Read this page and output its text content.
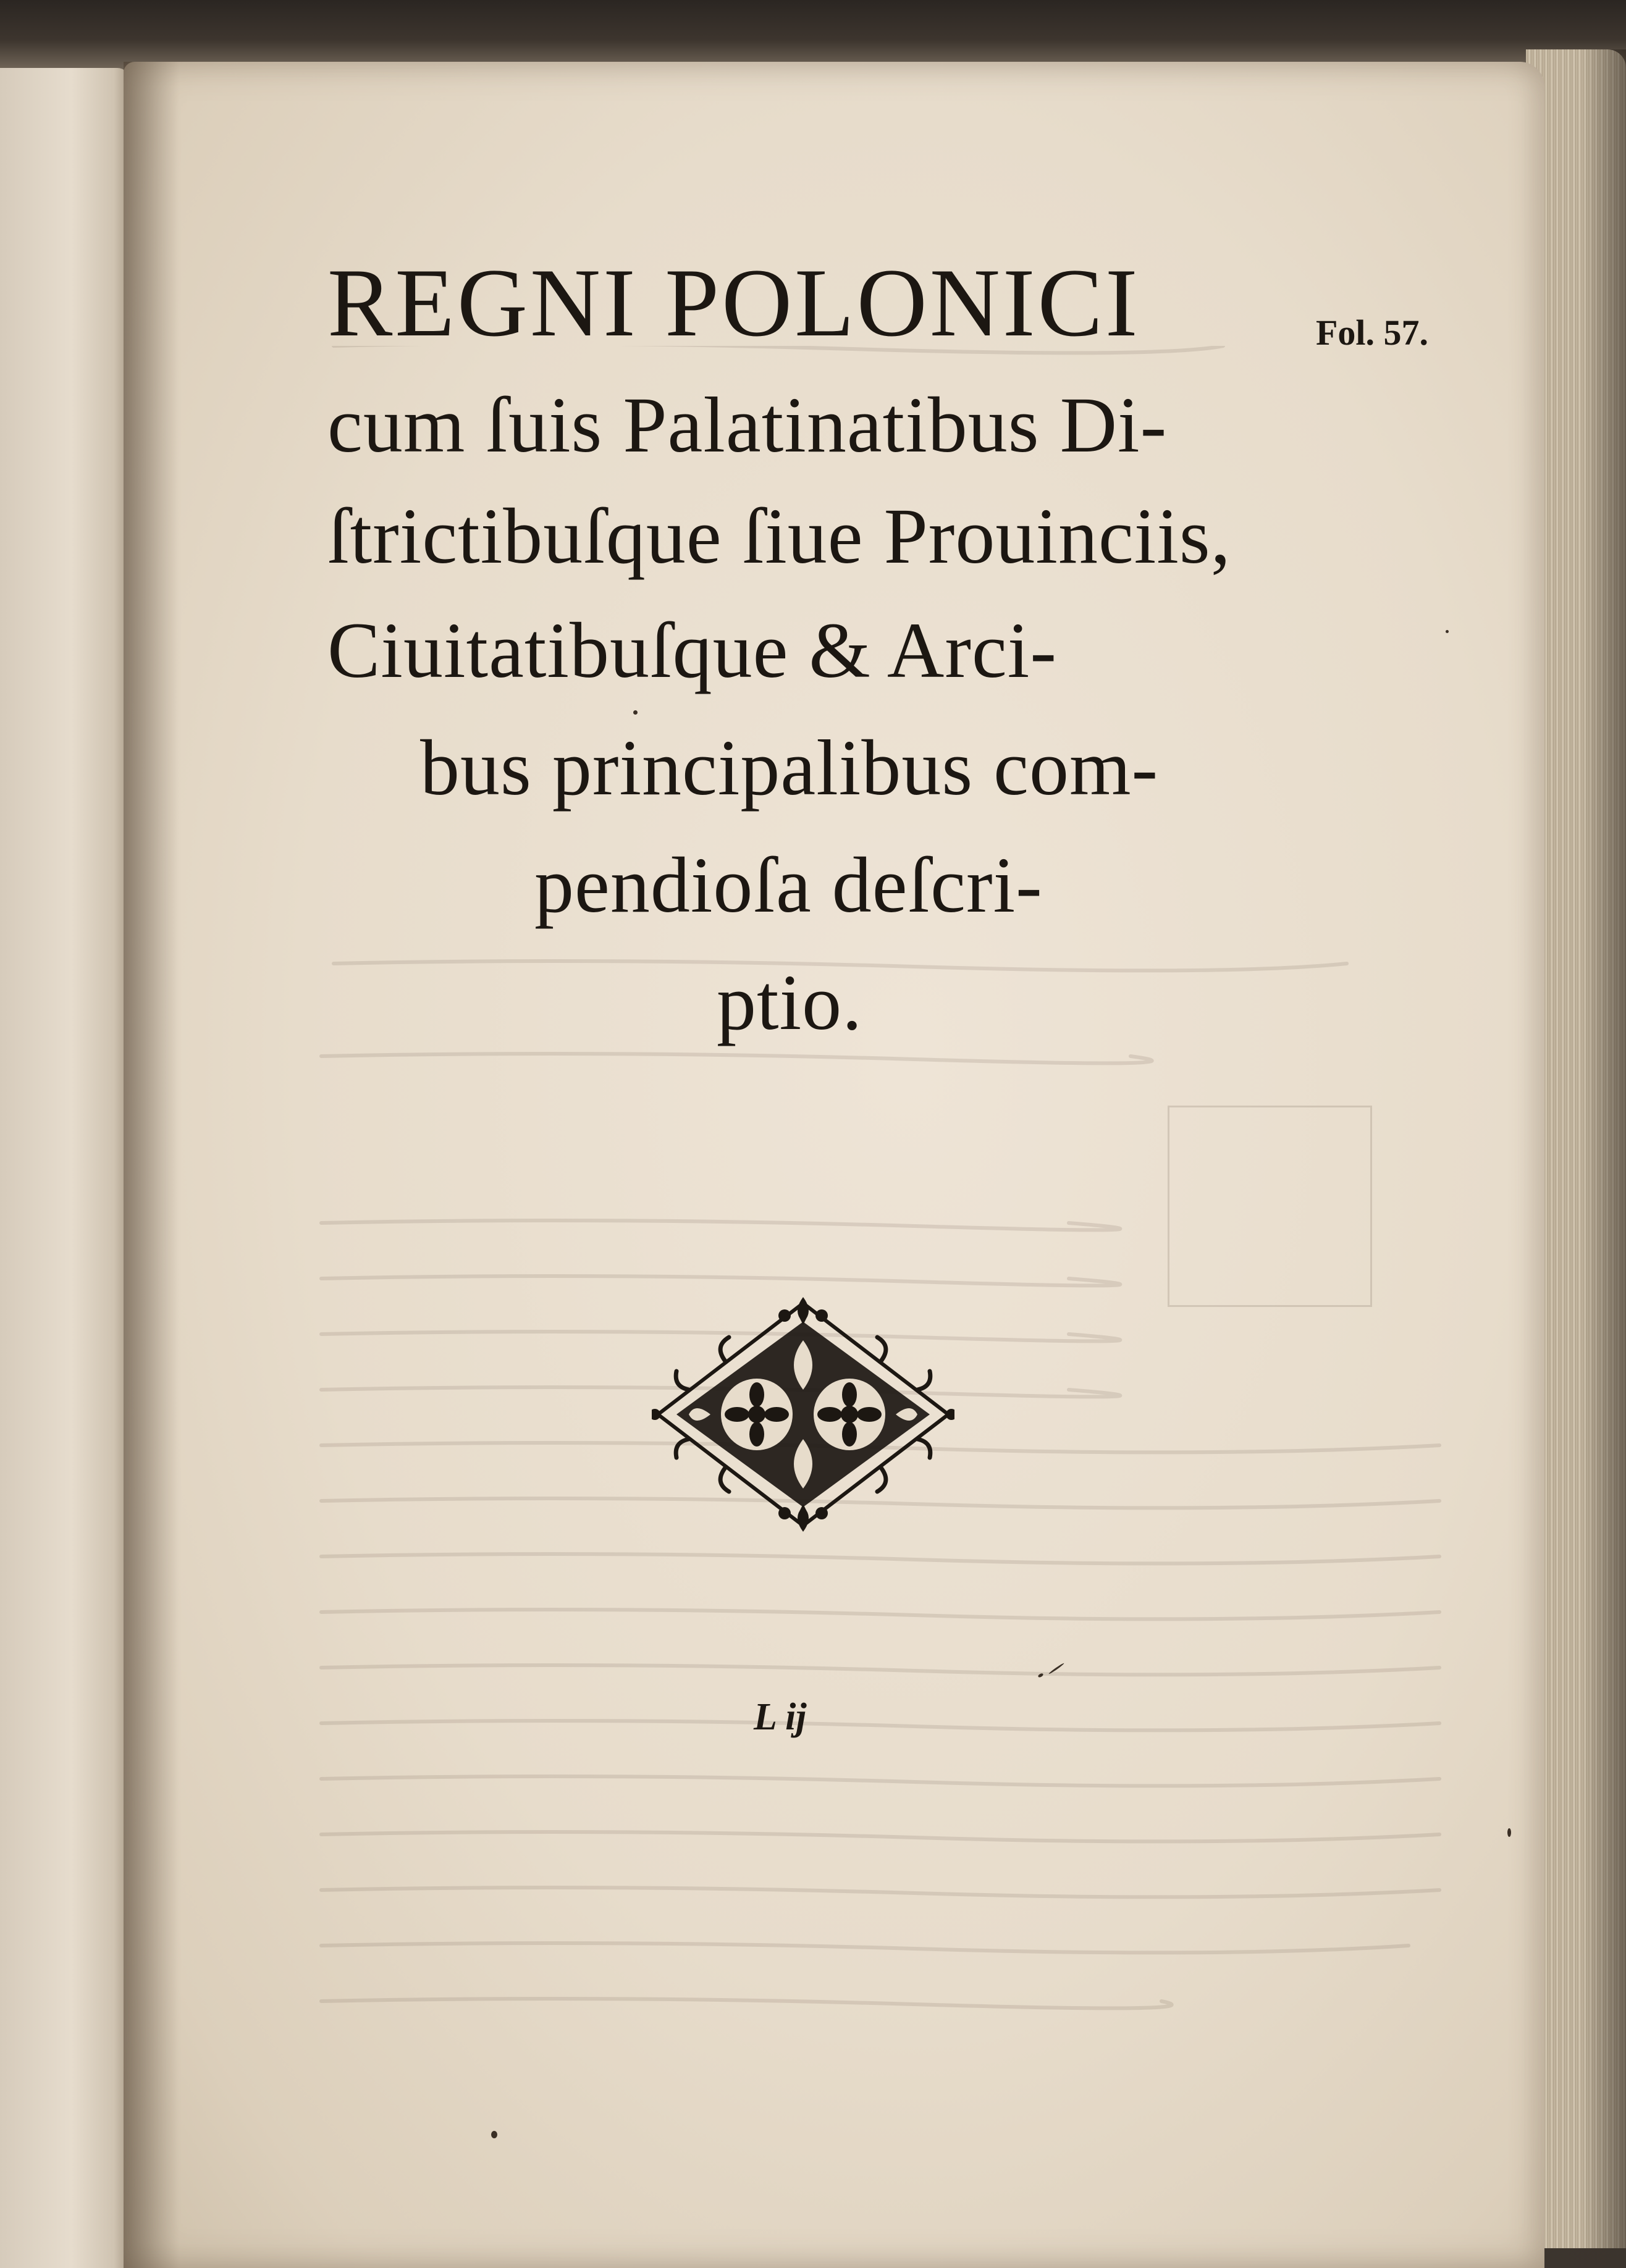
REGNI POLONICI
cum ſuis Palatinatibus Di-
ſtrictibuſque ſiue Prouinciis,
Ciuitatibuſque & Arci-
bus principalibus com-
pendioſa deſcri-
ptio.
Fol. 57.
L ij
